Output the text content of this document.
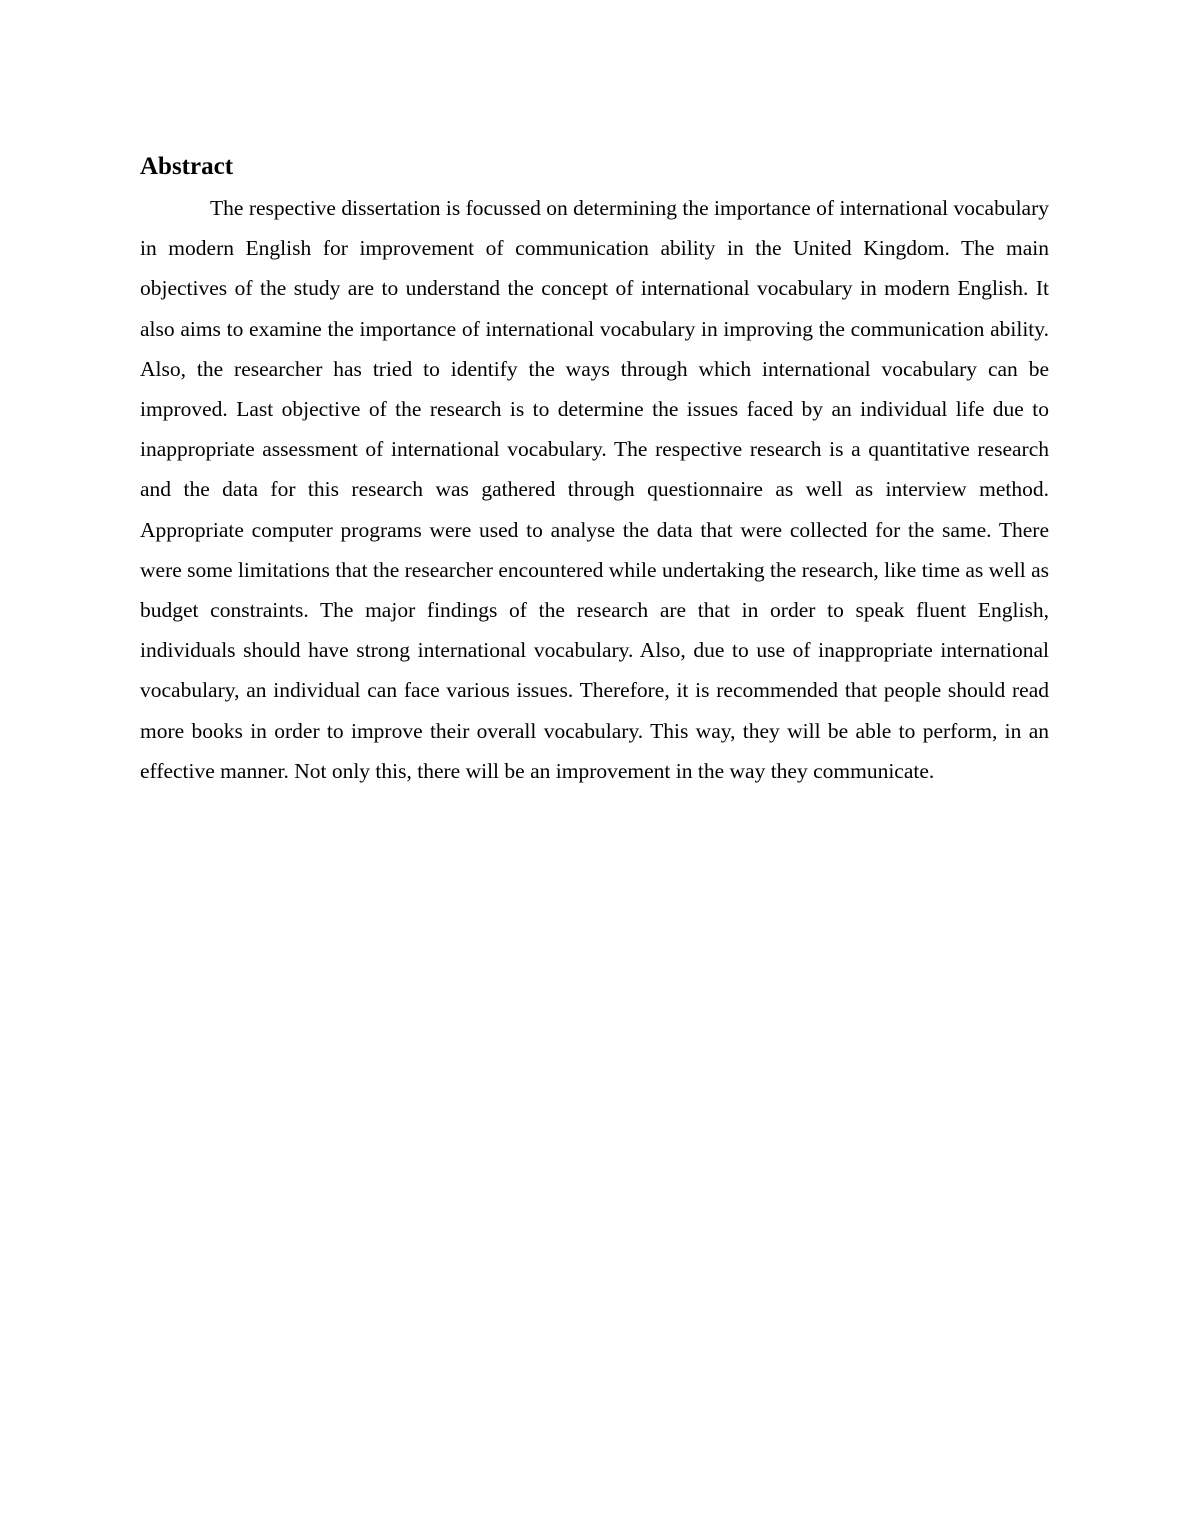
Abstract

The respective dissertation is focussed on determining the importance of international vocabulary in modern English for improvement of communication ability in the United Kingdom. The main objectives of the study are to understand the concept of international vocabulary in modern English. It also aims to examine the importance of international vocabulary in improving the communication ability. Also, the researcher has tried to identify the ways through which international vocabulary can be improved. Last objective of the research is to determine the issues faced by an individual life due to inappropriate assessment of international vocabulary. The respective research is a quantitative research and the data for this research was gathered through questionnaire as well as interview method. Appropriate computer programs were used to analyse the data that were collected for the same. There were some limitations that the researcher encountered while undertaking the research, like time as well as budget constraints. The major findings of the research are that in order to speak fluent English, individuals should have strong international vocabulary. Also, due to use of inappropriate international vocabulary, an individual can face various issues. Therefore, it is recommended that people should read more books in order to improve their overall vocabulary. This way, they will be able to perform, in an effective manner. Not only this, there will be an improvement in the way they communicate.
